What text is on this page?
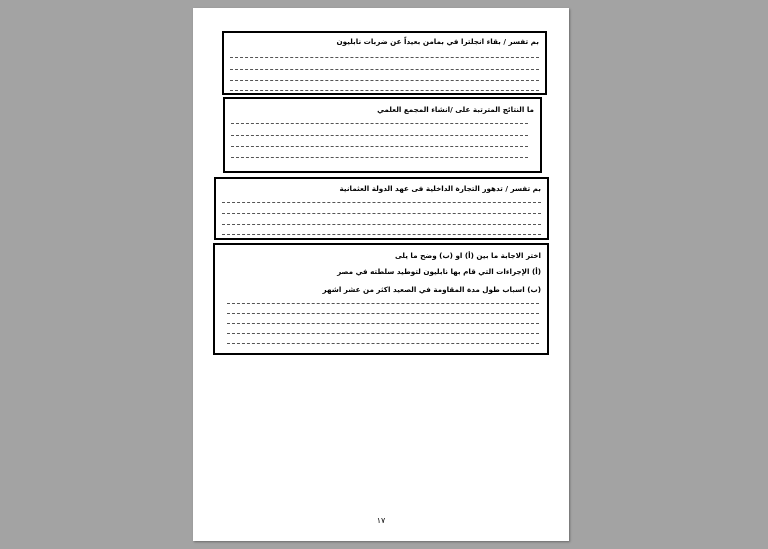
بم تفسر / بقاء انجلترا في بمامن بعيداً عن ضربات نابليون
ما النتائج المترتبة على /انشاء المجمع العلمي
بم تفسر / تدهور التجارة الداخلية فى عهد الدولة العثمانية
اختر الاجابة ما بين (أ) او (ب) وضح ما يلى
(أ) الإجراءات التي قام بها نابليون لتوطيد سلطته في مصر
(ب) اسباب طول مدة المقاومة في الصعيد اكثر من عشر اشهر
١٧
